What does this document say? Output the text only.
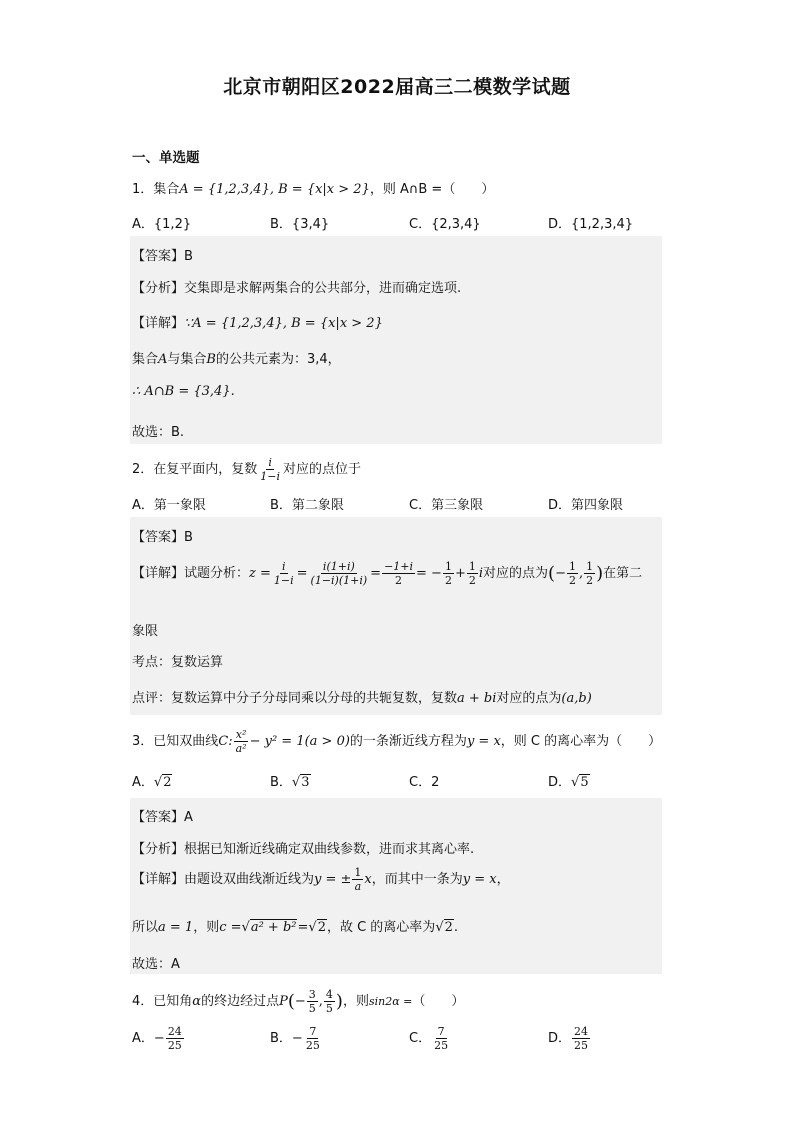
北京市朝阳区2022届高三二模数学试题
一、单选题
1．集合A = {1,2,3,4}, B = {x|x > 2}，则 A∩B =（　　）
A．{1,2}	B．{3,4}	C．{2,3,4}	D．{1,2,3,4}
【答案】B
【分析】交集即是求解两集合的公共部分，进而确定选项.
【详解】∵A = {1,2,3,4}, B = {x|x > 2}
集合A与集合B的公共元素为：3,4，
∴ A∩B = {3,4}.
故选：B.
2．在复平面内，复数 $\frac{i}{1-i}$ 对应的点位于
A．第一象限	B．第二象限	C．第三象限	D．第四象限
【答案】B
【详解】试题分析：$z = \frac{i}{1-i} = \frac{i(1+i)}{(1-i)(1+i)} = \frac{-1+i}{2}$ = − $\frac{1}{2} + \frac{1}{2}$ i对应的点为(− $\frac{1}{2}$ , $\frac{1}{2}$ )在第二
象限
考点：复数运算
点评：复数运算中分子分母同乘以分母的共轭复数，复数a + bi对应的点为(a,b)
3．已知双曲线C: $\frac{\text{x²}}{\text{a²}} - y^2 = 1(a > 0)$的一条渐近线方程为y = x，则 C 的离心率为（　　）
A．√2	B．√3	C．2	D．√5
【答案】A
【分析】根据已知渐近线确定双曲线参数，进而求其离心率.
【详解】由题设双曲线渐近线为y = ± $\frac{1}{a}$ x，而其中一条为y = x，
所以a = 1，则c =√a² + b²=√2，故 C 的离心率为√2.
故选：A
4．已知角α的终边经过点$P(- \frac{3}{5}$ , $\frac{4}{5}$ )，则sin2α =（　　）
A．− $\frac{24}{25}$	B．− $\frac{7}{25}$	C． $\frac{7}{25}$	D． $\frac{24}{25}$
